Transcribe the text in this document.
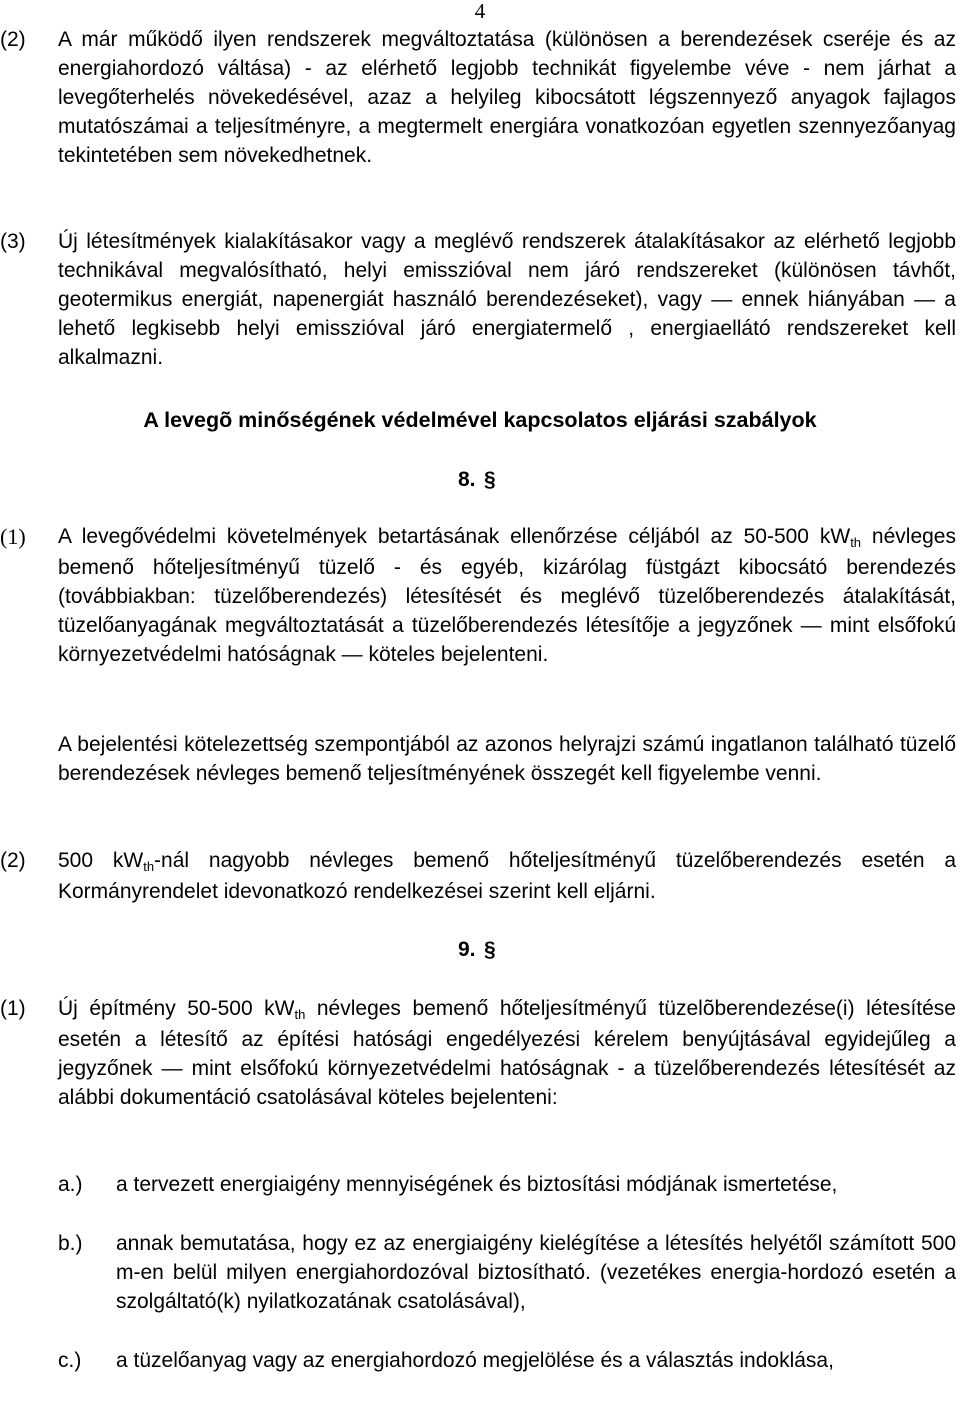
4
(2)	A már működő ilyen rendszerek megváltoztatása (különösen a berendezések cseréje és az energiahordozó váltása) - az elérhető legjobb technikát figyelembe véve - nem járhat a levegőterhelés növekedésével, azaz a helyileg kibocsátott légszennyező anyagok fajlagos mutatószámai a teljesítményre, a megtermelt energiára vonatkozóan egyetlen szennyezőanyag tekintetében sem növekedhetnek.
(3)	Új létesítmények kialakításakor vagy a meglévő rendszerek átalakításakor az elérhető legjobb technikával megvalósítható, helyi emisszióval nem járó rendszereket (különösen távhőt, geotermikus energiát, napenergiát használó berendezéseket), vagy — ennek hiányában — a lehető legkisebb helyi emisszióval járó energiatermelő , energiaellátó rendszereket kell alkalmazni.
A levegõ minőségének védelmével kapcsolatos eljárási szabályok
8. §
(1)	A levegővédelmi követelmények betartásának ellenőrzése céljából az 50-500 $kW_{th}$ névleges bemenő hőteljesítményű tüzelő - és egyéb, kizárólag füstgázt kibocsátó berendezés (továbbiakban: tüzelőberendezés) létesítését és meglévő tüzelőberendezés átalakítását, tüzelőanyagának megváltoztatását a tüzelőberendezés létesítője a jegyzőnek — mint elsőfokú környezetvédelmi hatóságnak — köteles bejelenteni.
A bejelentési kötelezettség szempontjából az azonos helyrajzi számú ingatlanon található tüzelő berendezések névleges bemenő teljesítményének összegét kell figyelembe venni.
(2)	500 $kW_{th}$-nál nagyobb névleges bemenő hőteljesítményű tüzelőberendezés esetén a Kormányrendelet idevonatkozó rendelkezései szerint kell eljárni.
9. §
(1)	Új építmény 50-500 $kW_{th}$ névleges bemenő hőteljesítményű tüzelõberendezése(i) létesítése esetén a létesítő az építési hatósági engedélyezési kérelem benyújtásával egyidejűleg a jegyzőnek — mint elsőfokú környezetvédelmi hatóságnak - a tüzelőberendezés létesítését az alábbi dokumentáció csatolásával köteles bejelenteni:
a.)	a tervezett energiaigény mennyiségének és biztosítási módjának ismertetése,
b.)	annak bemutatása, hogy ez az energiaigény kielégítése a létesítés helyétől számított 500 m-en belül milyen energiahordozóval biztosítható. (vezetékes energia-hordozó esetén a szolgáltató(k) nyilatkozatának csatolásával),
c.)	a tüzelőanyag vagy az energiahordozó megjelölése és a választás indoklása,
